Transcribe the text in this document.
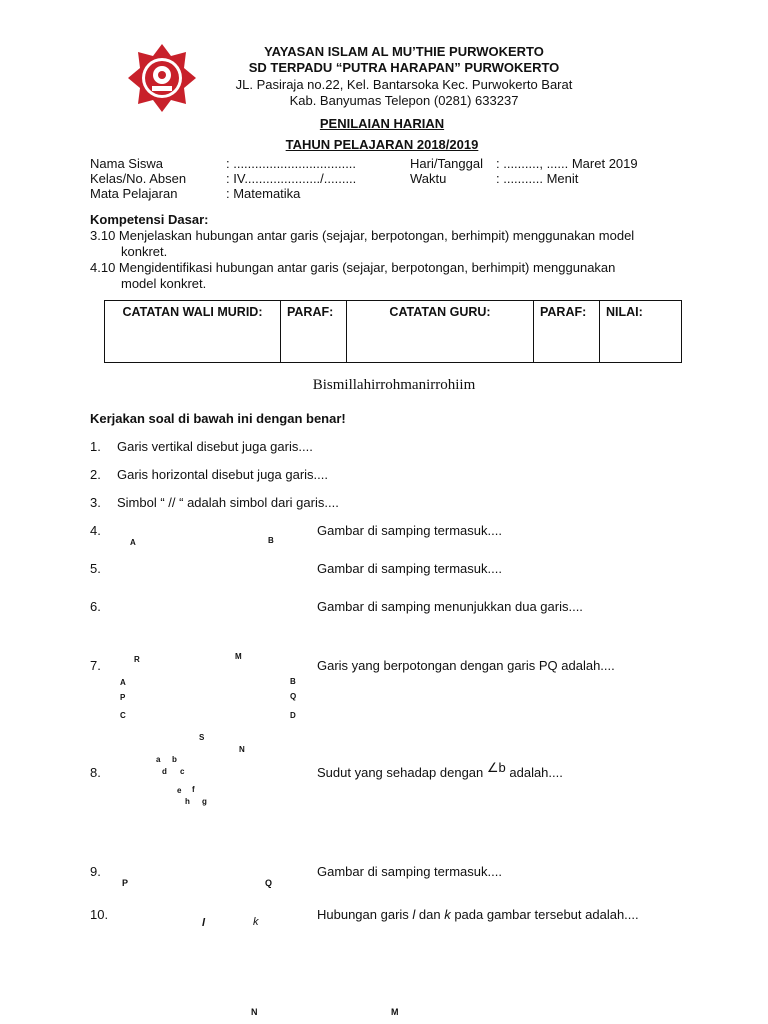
YAYASAN ISLAM AL MU’THIE PURWOKERTO
SD TERPADU “PUTRA HARAPAN” PURWOKERTO
JL. Pasiraja no.22, Kel. Bantarsoka Kec. Purwokerto Barat
Kab. Banyumas Telepon (0281) 633237
PENILAIAN HARIAN
TAHUN PELAJARAN 2018/2019
Nama Siswa	: ..................................
Kelas/No. Absen	: IV...................../.........
Mata Pelajaran	: Matematika
Hari/Tanggal : .........., ...... Maret 2019
Waktu	: ........... Menit
Kompetensi Dasar:
3.10 Menjelaskan hubungan antar garis (sejajar, berpotongan, berhimpit) menggunakan model
konkret.
4.10 Mengidentifikasi hubungan antar garis (sejajar, berpotongan, berhimpit) menggunakan
model konkret.
CATATAN WALI MURID:	PARAF:	CATATAN GURU:	PARAF:	NILAI:
Bismillahirrohmanirrohiim
Kerjakan soal di bawah ini dengan benar!
1. Garis vertikal disebut juga garis....
2. Garis horizontal disebut juga garis....
3. Simbol “ // “ adalah simbol dari garis....
4.
A	B
Gambar di samping termasuk....
5.	Gambar di samping termasuk....
6.	Gambar di samping menunjukkan dua garis....
7.	R	M
A	B
P	Q
C	D
Garis yang berpotongan dengan garis PQ adalah....
S
N
a b
d c
e f
h g
8.	Sudut yang sehadap dengan ∠b adalah....
9.
P	Q
Gambar di samping termasuk....
10.
l	k	Hubungan garis l dan k pada gambar tersebut adalah....
N	M
